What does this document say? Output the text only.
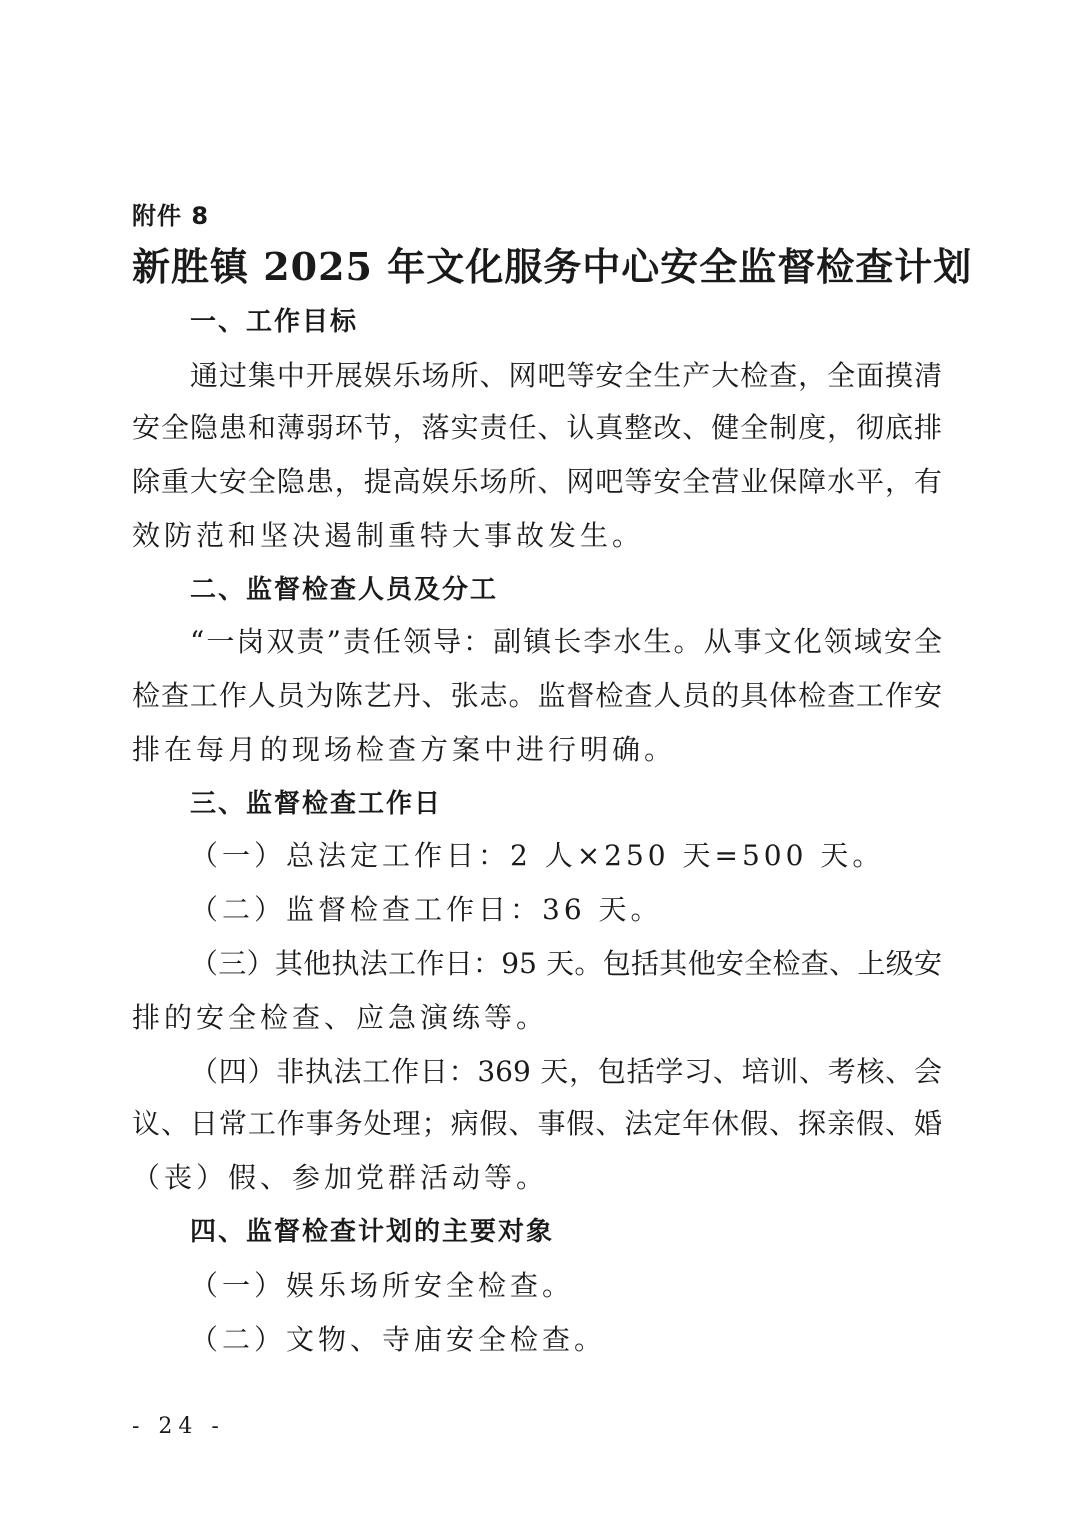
附件 8
新胜镇 2025 年文化服务中心安全监督检查计划
一、工作目标
通过集中开展娱乐场所、网吧等安全生产大检查，全面摸清
安全隐患和薄弱环节，落实责任、认真整改、健全制度，彻底排
除重大安全隐患，提高娱乐场所、网吧等安全营业保障水平，有
效防范和坚决遏制重特大事故发生。
二、监督检查人员及分工
“一岗双责”责任领导：副镇长李水生。从事文化领域安全
检查工作人员为陈艺丹、张志。监督检查人员的具体检查工作安
排在每月的现场检查方案中进行明确。
三、监督检查工作日
（一）总法定工作日：2 人×250 天=500 天。
（二）监督检查工作日：36 天。
（三）其他执法工作日：95 天。包括其他安全检查、上级安
排的安全检查、应急演练等。
（四）非执法工作日：369 天，包括学习、培训、考核、会
议、日常工作事务处理；病假、事假、法定年休假、探亲假、婚
（丧）假、参加党群活动等。
四、监督检查计划的主要对象
（一）娱乐场所安全检查。
（二）文物、寺庙安全检查。
- 24 -
